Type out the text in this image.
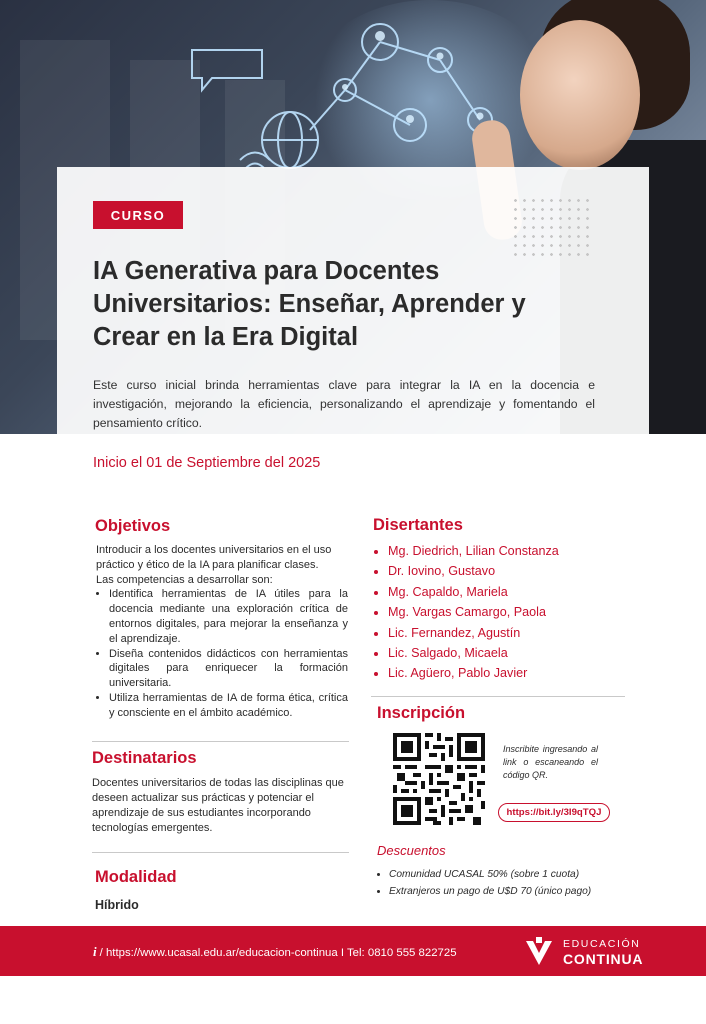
CURSO
IA Generativa para Docentes Universitarios: Enseñar, Aprender y Crear en la Era Digital

Este curso inicial brinda herramientas clave para integrar la IA en la docencia e investigación, mejorando la eficiencia, personalizando el aprendizaje y fomentando el pensamiento crítico.

Inicio el 01 de Septiembre del 2025
Objetivos

Introducir a los docentes universitarios en el uso práctico y ético de la IA para planificar clases.

Las competencias a desarrollar son:

• Identifica herramientas de IA útiles para la docencia mediante una exploración crítica de entornos digitales, para mejorar la enseñanza y el aprendizaje.
• Diseña contenidos didácticos con herramientas digitales para enriquecer la formación universitaria.
• Utiliza herramientas de IA de forma ética, crítica y consciente en el ámbito académico.
Destinatarios

Docentes universitarios de todas las disciplinas que deseen actualizar sus prácticas y potenciar el aprendizaje de sus estudiantes incorporando tecnologías emergentes.

Modalidad
Híbrido
Disertantes
• Mg. Diedrich, Lilian Constanza
• Dr. Iovino, Gustavo
• Mg. Capaldo, Mariela
• Mg. Vargas Camargo, Paola
• Lic. Fernandez, Agustín
• Lic. Salgado, Micaela
• Lic. Agüero, Pablo Javier
Inscripción

Inscribite ingresando al link o escaneando el código QR.

https://bit.ly/3I9qTQJ
Descuentos
• Comunidad UCASAL 50% (sobre 1 cuota)
• Extranjeros un pago de U$D 70 (único pago)
i / https://www.ucasal.edu.ar/educacion-continua I Tel: 0810 555 822725
EDUCACIÓN
CONTINUA
